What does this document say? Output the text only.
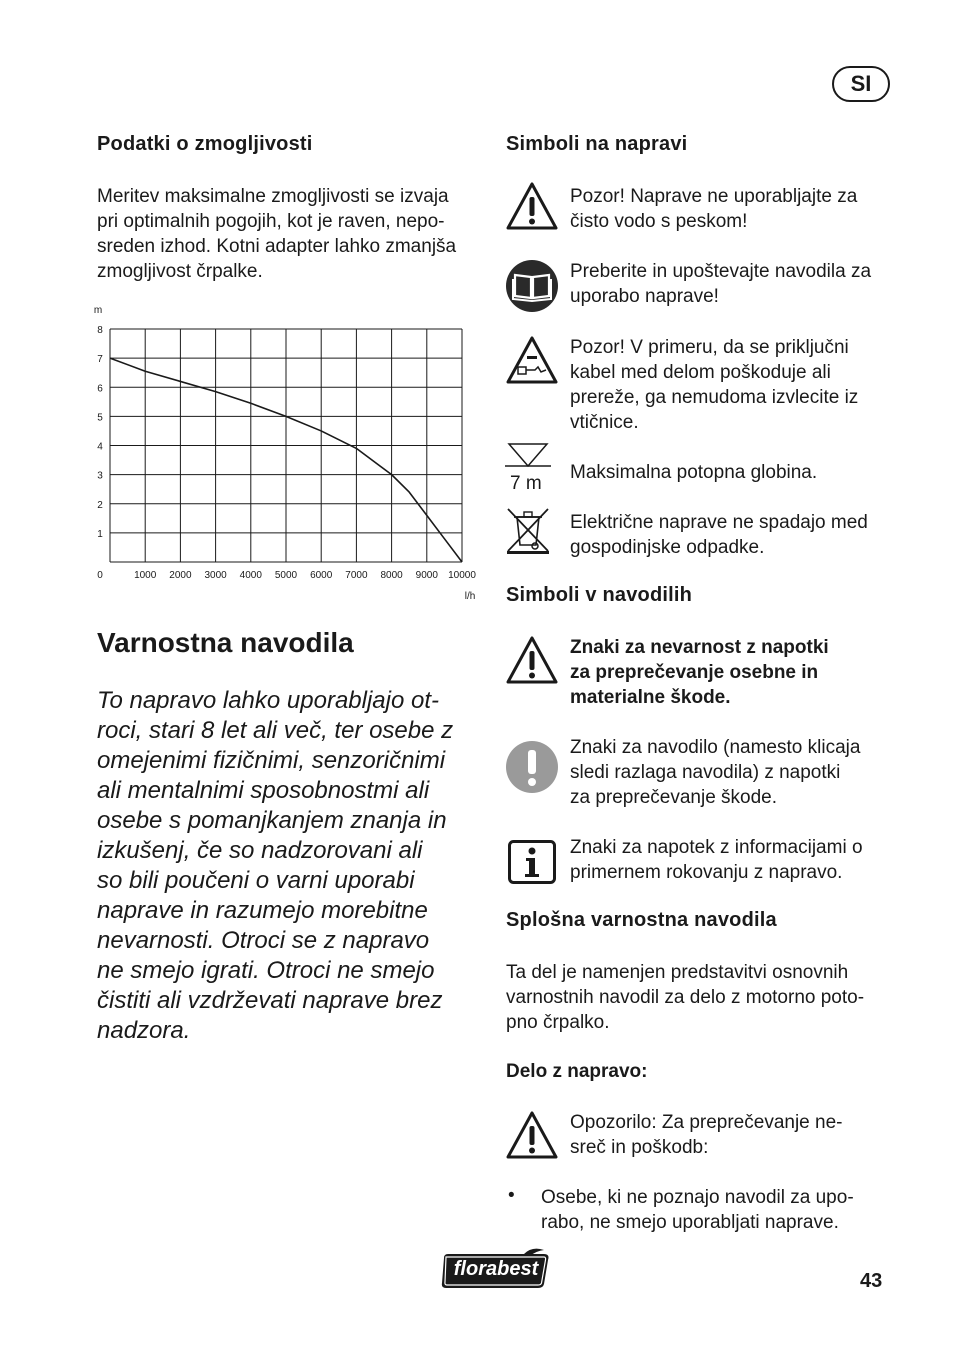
SI
Podatki o zmogljivosti
Meritev maksimalne zmogljivosti se izvaja
pri optimalnih pogojih, kot je raven, nepo-
sreden izhod. Kotni adapter lahko zmanjša
zmogljivost črpalke.
1
2
3
4
5
6
7
8
0	1000 2000 3000 4000 5000 6000 7000 8000 9000 10000
m
l/h
Varnostna navodila
To napravo lahko uporabljajo ot-
roci, stari 8 let ali več, ter osebe z
omejenimi fizičnimi, senzoričnimi
ali mentalnimi sposobnostmi ali
osebe s pomanjkanjem znanja in
izkušenj, če so nadzorovani ali
so bili poučeni o varni uporabi
naprave in razumejo morebitne
nevarnosti. Otroci se z napravo
ne smejo igrati. Otroci ne smejo
čistiti ali vzdrževati naprave brez
nadzora.
Simboli na napravi
Pozor! Naprave ne uporabljajte za
čisto vodo s peskom!
Preberite in upoštevajte navodila za
uporabo naprave!
Pozor! V primeru, da se priključni
kabel med delom poškoduje ali
prereže, ga nemudoma izvlecite iz
vtičnice.
7 m
Maksimalna potopna globina.
Električne naprave ne spadajo med
gospodinjske odpadke.
Simboli v navodilih
Znaki za nevarnost z napotki
za preprečevanje osebne in
materialne škode.
Znaki za navodilo (namesto klicaja
sledi razlaga navodila) z napotki
za preprečevanje škode.
Znaki za napotek z informacijami o
primernem rokovanju z napravo.
Splošna varnostna navodila
Ta del je namenjen predstavitvi osnovnih
varnostnih navodil za delo z motorno poto-
pno črpalko.
Delo z napravo:
Opozorilo: Za preprečevanje ne-
sreč in poškodb:
• Osebe, ki ne poznajo navodil za upo-
rabo, ne smejo uporabljati naprave.
florabest
43
